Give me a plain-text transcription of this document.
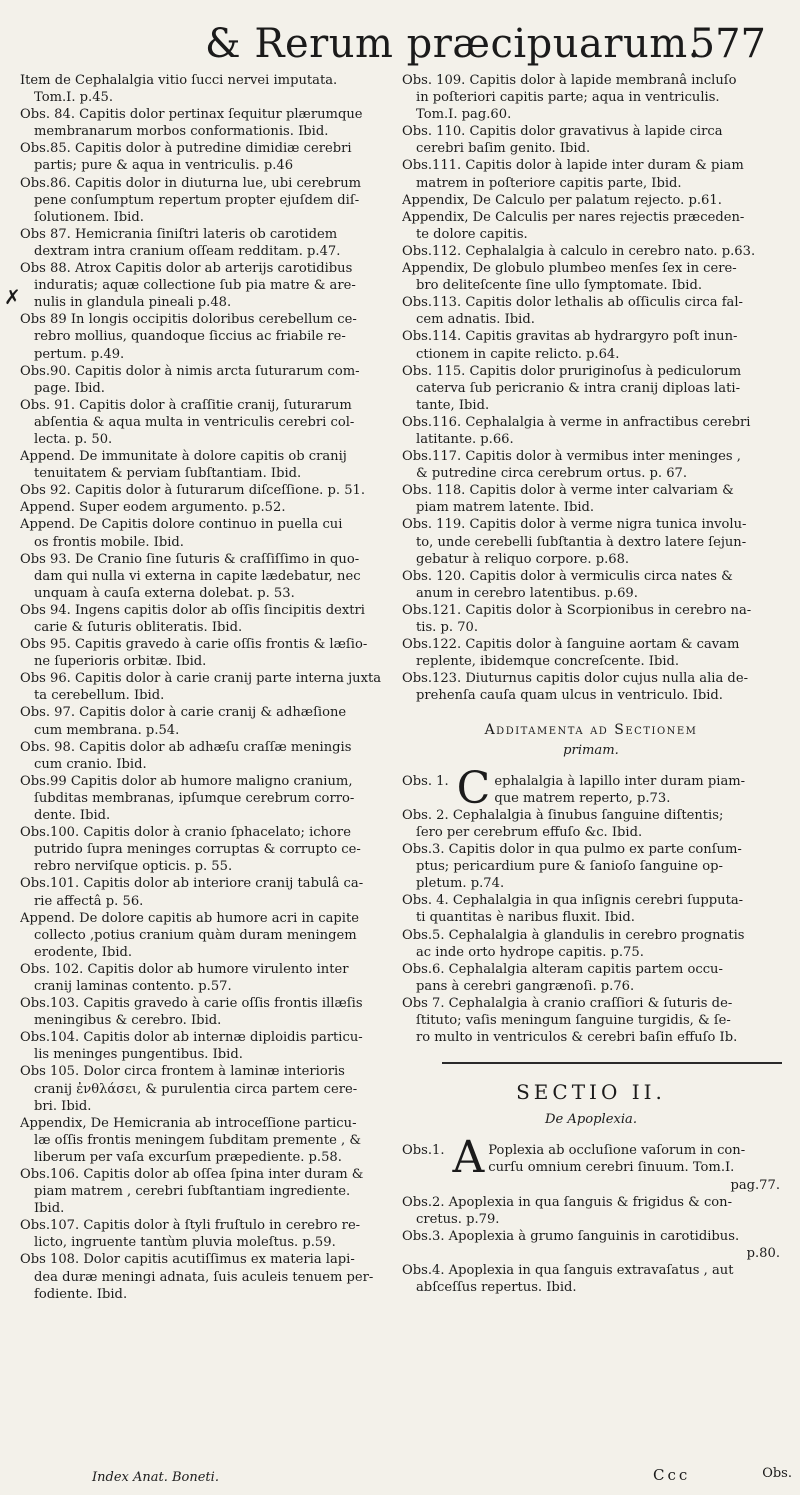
& Rerum præcipuarum.
577
✗
Item de Cephalalgia vitio ſucci nervei imputata.
Tom.I. p.45.
Obs. 84. Capitis dolor pertinax ſequitur plærumque
membranarum morbos conformationis. Ibid.
Obs.85. Capitis dolor à putredine dimidiæ cerebri
partis; pure & aqua in ventriculis. p.46
Obs.86. Capitis dolor in diuturna lue, ubi cerebrum
pene conſumptum repertum propter ejuſdem diſ-
ſolutionem. Ibid.
Obs 87. Hemicrania ſiniſtri lateris ob carotidem
dextram intra cranium oſſeam redditam. p.47.
Obs 88. Atrox Capitis dolor ab arterijs carotidibus
induratis; aquæ collectione ſub pia matre & are-
nulis in glandula pineali p.48.
Obs 89 In longis occipitis doloribus cerebellum ce-
rebro mollius, quandoque ſiccius ac friabile re-
pertum. p.49.
Obs.90. Capitis dolor à nimis arcta ſuturarum com-
page. Ibid.
Obs. 91. Capitis dolor à craſſitie cranij, ſuturarum
abſentia & aqua multa in ventriculis cerebri col-
lecta. p. 50.
Append. De immunitate à dolore capitis ob cranij
tenuitatem & perviam ſubſtantiam. Ibid.
Obs 92. Capitis dolor à ſuturarum diſceſſione. p. 51.
Append. Super eodem argumento. p.52.
Append. De Capitis dolore continuo in puella cui
os frontis mobile. Ibid.
Obs 93. De Cranio ſine ſuturis & craſſiſſimo in quo-
dam qui nulla vi externa in capite lædebatur, nec
unquam à cauſa externa dolebat. p. 53.
Obs 94. Ingens capitis dolor ab oſſis ſincipitis dextri
carie & ſuturis obliteratis. Ibid.
Obs 95. Capitis gravedo à carie oſſis frontis & læſio-
ne ſuperioris orbitæ. Ibid.
Obs 96. Capitis dolor à carie cranij parte interna juxta
ta cerebellum. Ibid.
Obs. 97. Capitis dolor à carie cranij & adhæſione
cum membrana. p.54.
Obs. 98. Capitis dolor ab adhæſu craſſæ meningis
cum cranio. Ibid.
Obs.99 Capitis dolor ab humore maligno cranium,
ſubditas membranas, ipſumque cerebrum corro-
dente. Ibid.
Obs.100. Capitis dolor à cranio ſphacelato; ichore
putrido ſupra meninges corruptas & corrupto ce-
rebro nerviſque opticis. p. 55.
Obs.101. Capitis dolor ab interiore cranij tabulâ ca-
rie affectâ p. 56.
Append. De dolore capitis ab humore acri in capite
collecto ,potius cranium quàm duram meningem
erodente, Ibid.
Obs. 102. Capitis dolor ab humore virulento inter
cranij laminas contento. p.57.
Obs.103. Capitis gravedo à carie oſſis frontis illæſis
meningibus & cerebro. Ibid.
Obs.104. Capitis dolor ab internæ diploidis particu-
lis meninges pungentibus. Ibid.
Obs 105. Dolor circa frontem à laminæ interioris
cranij ἐνθλάσει, & purulentia circa partem cere-
bri. Ibid.
Appendix, De Hemicrania ab introceſſione particu-
læ oſſis frontis meningem ſubditam premente , &
liberum per vaſa excurſum præpediente. p.58.
Obs.106. Capitis dolor ab oſſea ſpina inter duram &
piam matrem , cerebri ſubſtantiam ingrediente.
Ibid.
Obs.107. Capitis dolor à ſtyli fruſtulo in cerebro re-
licto, ingruente tantùm pluvia moleſtus. p.59.
Obs 108. Dolor capitis acutiſſimus ex materia lapi-
dea duræ meningi adnata, ſuis aculeis tenuem per-
fodiente. Ibid.
Obs. 109. Capitis dolor à lapide membranâ incluſo
in poſteriori capitis parte; aqua in ventriculis.
Tom.I. pag.60.
Obs. 110. Capitis dolor gravativus à lapide circa
cerebri baſim genito. Ibid.
Obs.111. Capitis dolor à lapide inter duram & piam
matrem in poſteriore capitis parte, Ibid.
Appendix, De Calculo per palatum rejecto. p.61.
Appendix, De Calculis per nares rejectis præceden-
te dolore capitis.
Obs.112. Cephalalgia à calculo in cerebro nato. p.63.
Appendix, De globulo plumbeo menſes ſex in cere-
bro deliteſcente ſine ullo ſymptomate. Ibid.
Obs.113. Capitis dolor lethalis ab oſſiculis circa fal-
cem adnatis. Ibid.
Obs.114. Capitis gravitas ab hydrargyro poſt inun-
ctionem in capite relicto. p.64.
Obs. 115. Capitis dolor pruriginoſus à pediculorum
caterva ſub pericranio & intra cranij diploas lati-
tante, Ibid.
Obs.116. Cephalalgia à verme in anfractibus cerebri
latitante. p.66.
Obs.117. Capitis dolor à vermibus inter meninges ,
& putredine circa cerebrum ortus. p. 67.
Obs. 118. Capitis dolor à verme inter calvariam &
piam matrem latente. Ibid.
Obs. 119. Capitis dolor à verme nigra tunica involu-
to, unde cerebelli ſubſtantia à dextro latere ſejun-
gebatur à reliquo corpore. p.68.
Obs. 120. Capitis dolor à vermiculis circa nates &
anum in cerebro latentibus. p.69.
Obs.121. Capitis dolor à Scorpionibus in cerebro na-
tis. p. 70.
Obs.122. Capitis dolor à ſanguine aortam & cavam
replente, ibidemque concreſcente. Ibid.
Obs.123. Diuturnus capitis dolor cujus nulla alia de-
prehenſa cauſa quam ulcus in ventriculo. Ibid.
Additamenta ad Sectionem
primam.
Obs. 1. C ephalalgia à lapillo inter duram piam-
que matrem reperto, p.73.
Obs. 2. Cephalalgia à ſinubus ſanguine diſtentis;
ſero per cerebrum effuſo &c. Ibid.
Obs.3. Capitis dolor in qua pulmo ex parte conſum-
ptus; pericardium pure & ſanioſo ſanguine op-
pletum. p.74.
Obs. 4. Cephalalgia in qua inſignis cerebri ſupputa-
ti quantitas è naribus fluxit. Ibid.
Obs.5. Cephalalgia à glandulis in cerebro prognatis
ac inde orto hydrope capitis. p.75.
Obs.6. Cephalalgia alteram capitis partem occu-
pans à cerebri gangrænoſi. p.76.
Obs 7. Cephalalgia à cranio craſſiori & ſuturis de-
ſtituto; vaſis meningum ſanguine turgidis, & ſe-
ro multo in ventriculos & cerebri baſin effuſo Ib.
SECTIO II.
De Apoplexia.
Obs.1. A Poplexia ab occluſione vaſorum in con-
curſu omnium cerebri ſinuum. Tom.I.
pag.77.
Obs.2. Apoplexia in qua ſanguis & frigidus & con-
cretus. p.79.
Obs.3. Apoplexia à grumo ſanguinis in carotidibus.
p.80.
Obs.4. Apoplexia in qua ſanguis extravaſatus , aut
abſceſſus repertus. Ibid.
Index Anat. Boneti.	Ccc	Obs.
